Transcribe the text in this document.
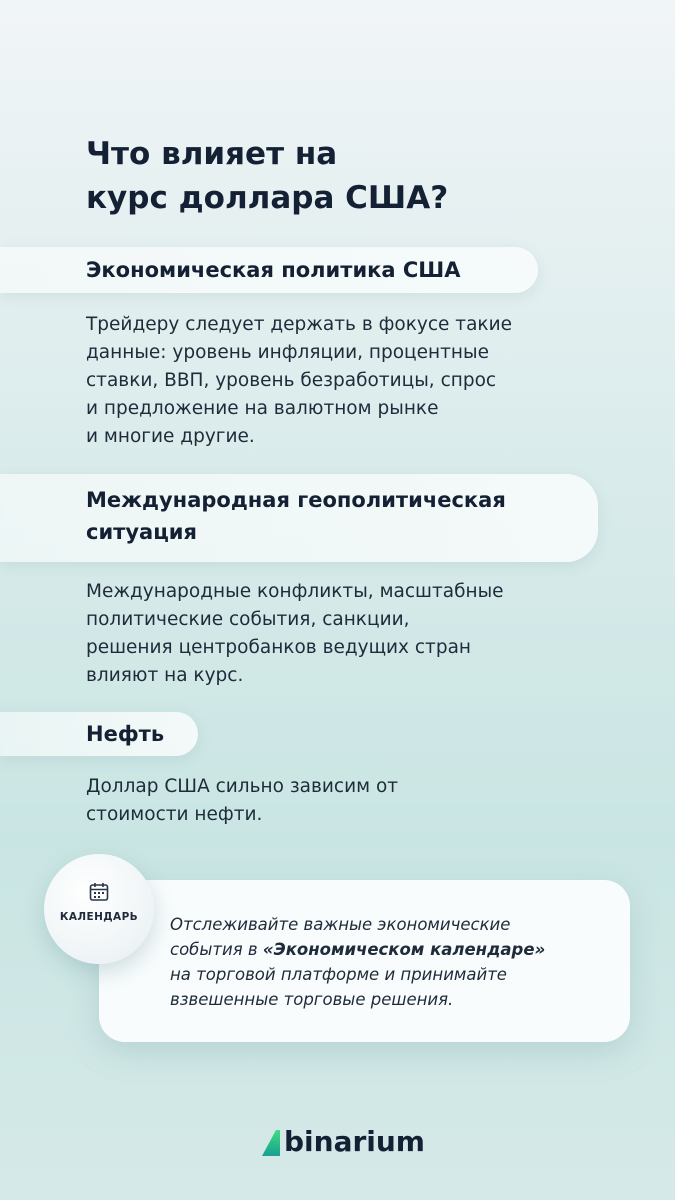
Что влияет на
курс доллара США?
Экономическая политика США

Трейдеру следует держать в фокусе такие
данные: уровень инфляции, процентные
ставки, ВВП, уровень безработицы, спрос
и предложение на валютном рынке
и многие другие.

Международная геополитическая
ситуация

Международные конфликты, масштабные
политические события, санкции,
решения центробанков ведущих стран
влияют на курс.

Нефть

Доллар США сильно зависим от
стоимости нефти.

Отслеживайте важные экономические
события в «Экономическом календаре»
на торговой платформе и принимайте
взвешенные торговые решения.

КАЛЕНДАРЬ
binarium
